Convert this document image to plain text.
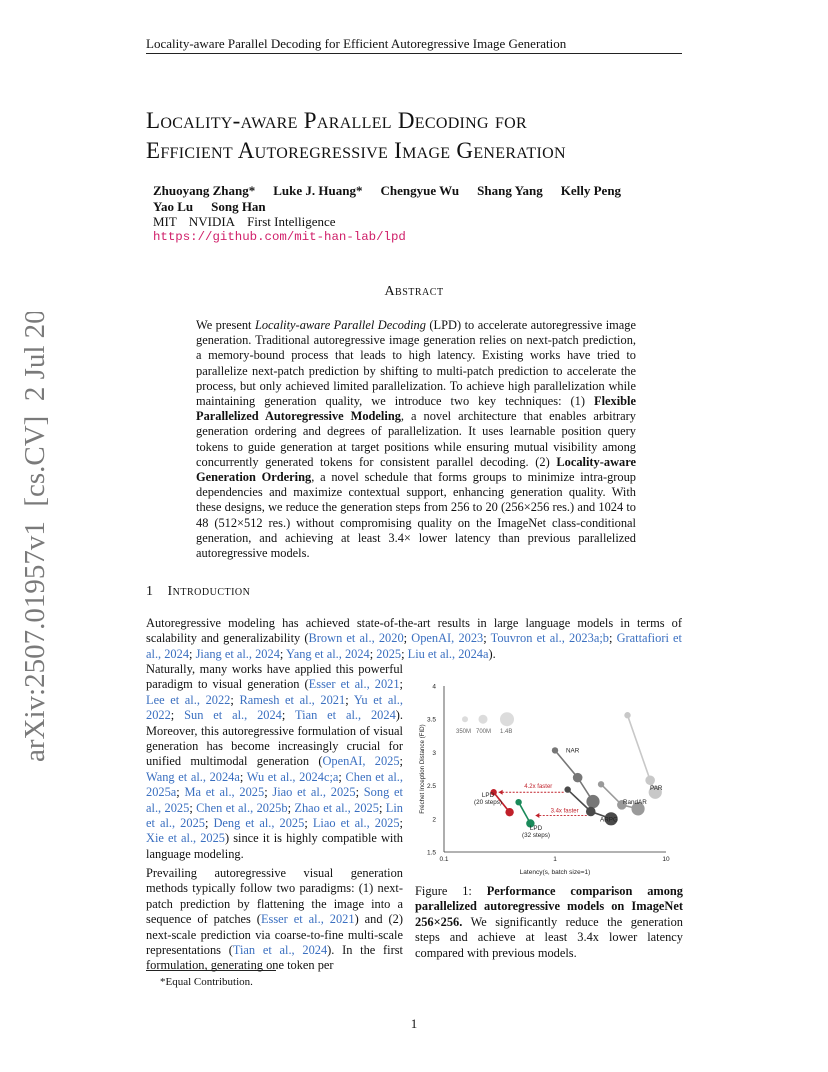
Locality-aware Parallel Decoding for Efficient Autoregressive Image Generation
arXiv:2507.01957v1  [cs.CV]  2 Jul 2025
Locality-aware Parallel Decoding for
Efficient Autoregressive Image Generation
Zhuoyang Zhang* Luke J. Huang* Chengyue Wu Shang Yang Kelly Peng
Yao Lu Song Han
MIT NVIDIA First Intelligence
https://github.com/mit-han-lab/lpd
Abstract
We present Locality-aware Parallel Decoding (LPD) to accelerate autoregressive image generation. Traditional autoregressive image generation relies on next-patch prediction, a memory-bound process that leads to high latency. Existing works have tried to parallelize next-patch prediction by shifting to multi-patch prediction to accelerate the process, but only achieved limited parallelization. To achieve high parallelization while maintaining generation quality, we introduce two key techniques: (1) Flexible Parallelized Autoregressive Modeling, a novel architecture that enables arbitrary generation ordering and degrees of parallelization. It uses learnable position query tokens to guide generation at target positions while ensuring mutual visibility among concurrently generated tokens for consistent parallel decoding. (2) Locality-aware Generation Ordering, a novel schedule that forms groups to minimize intra-group dependencies and maximize contextual support, enhancing generation quality. With these designs, we reduce the generation steps from 256 to 20 (256×256 res.) and 1024 to 48 (512×512 res.) without compromising quality on the ImageNet class-conditional generation, and achieving at least 3.4× lower latency than previous parallelized autoregressive models.
1 Introduction
Autoregressive modeling has achieved state-of-the-art results in large language models in terms of scalability and generalizability (Brown et al., 2020; OpenAI, 2023; Touvron et al., 2023a;b; Grattafiori et al., 2024; Jiang et al., 2024; Yang et al., 2024; 2025; Liu et al., 2024a).
Naturally, many works have applied this powerful paradigm to visual generation (Esser et al., 2021; Lee et al., 2022; Ramesh et al., 2021; Yu et al., 2022; Sun et al., 2024; Tian et al., 2024). Moreover, this autoregressive formulation of visual generation has become increasingly crucial for unified multimodal generation (OpenAI, 2025; Wang et al., 2024a; Wu et al., 2024c;a; Chen et al., 2025a; Ma et al., 2025; Jiao et al., 2025; Song et al., 2025; Chen et al., 2025b; Zhao et al., 2025; Lin et al., 2025; Deng et al., 2025; Liao et al., 2025; Xie et al., 2025) since it is highly compatible with language modeling.
Prevailing autoregressive visual generation methods typically follow two paradigms: (1) next-patch prediction by flattening the image into a sequence of patches (Esser et al., 2021) and (2) next-scale prediction via coarse-to-fine multi-scale representations (Tian et al., 2024). In the first formulation, generating one token per
1.5
2
2.5
3
3.5
4
0.1	1	10
Latency(s, batch size=1)
Fréchet Inception Distance (FID)	350M 700M 1.4B
PAR
NAR
RandAR
ARPG
LPD
(20 steps)
LPD
(32 steps)
4.2x faster
3.4x faster
Figure 1: Performance comparison among parallelized autoregressive models on ImageNet 256×256. We significantly reduce the generation steps and achieve at least 3.4x lower latency compared with previous models.
*Equal Contribution.
1
